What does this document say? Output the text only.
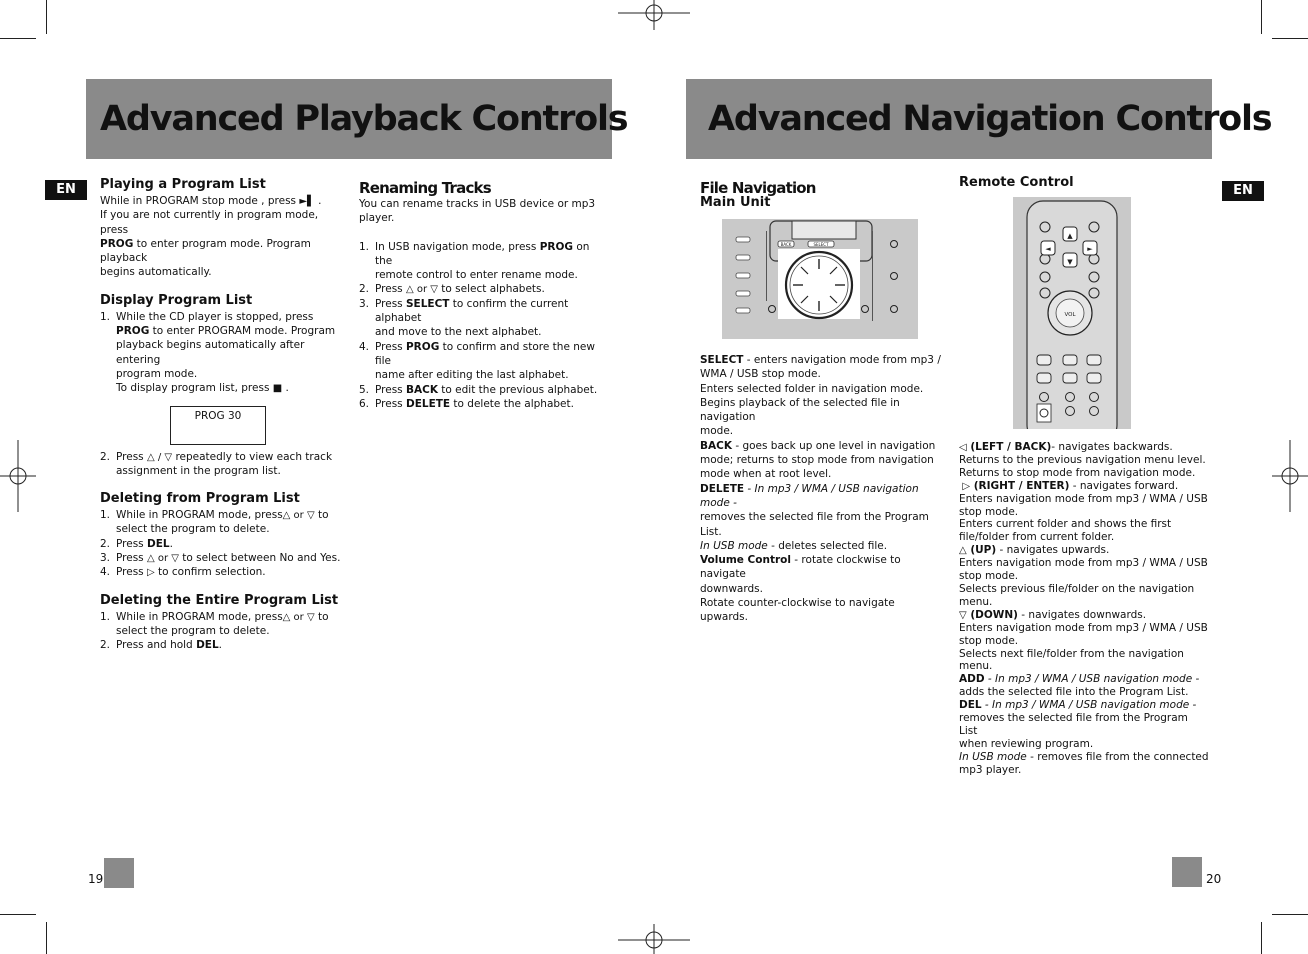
Advanced Playback Controls
EN	Playing a Program List

While in PROGRAM stop mode , press ►▌ .

If you are not currently in program mode, press

PROG to enter program mode. Program playback

begins automatically.

Display Program List

1. While the CD player is stopped, press

PROG to enter PROGRAM mode. Program

playback begins automatically after entering

program mode.

To display program list, press ■ .

PROG 30
2. Press △ / ▽ repeatedly to view each track

assignment in the program list.

Deleting from Program List

1. While in PROGRAM mode, press△ or ▽ to

select the program to delete.

2. Press DEL.
3. Press △ or ▽ to select between No and Yes.
4. Press ▷ to confirm selection.

Deleting the Entire Program List

1. While in PROGRAM mode, press△ or ▽ to

select the program to delete.

2. Press and hold DEL.

Renaming Tracks

You can rename tracks in USB device or mp3

player.

1. In USB navigation mode, press PROG on the

remote control to enter rename mode.

2. Press △ or ▽ to select alphabets.
3. Press SELECT to confirm the current alphabet

and move to the next alphabet.

4. Press PROG to confirm and store the new file

name after editing the last alphabet.

5. Press BACK to edit the previous alphabet.
6. Press DELETE to delete the alphabet.
19
Advanced Navigation Controls
EN

File Navigation

Main Unit

SELECT
BACK

SELECT - enters navigation mode from mp3 /

WMA / USB stop mode.

Enters selected folder in navigation mode.

Begins playback of the selected file in navigation

mode.

BACK - goes back up one level in navigation

mode; returns to stop mode from navigation

mode when at root level.

DELETE - In mp3 / WMA / USB navigation mode -

removes the selected file from the Program List.

In USB mode - deletes selected file.

Volume Control - rotate clockwise to navigate

downwards.

Rotate counter-clockwise to navigate upwards.

Remote Control

◄	►
▲
▼
VOL

◁ (LEFT / BACK)- navigates backwards.

Returns to the previous navigation menu level.

Returns to stop mode from navigation mode.

▷ (RIGHT / ENTER) - navigates forward.

Enters navigation mode from mp3 / WMA / USB

stop mode.

Enters current folder and shows the first

file/folder from current folder.

△ (UP) - navigates upwards.

Enters navigation mode from mp3 / WMA / USB

stop mode.

Selects previous file/folder on the navigation

menu.

▽ (DOWN) - navigates downwards.

Enters navigation mode from mp3 / WMA / USB

stop mode.

Selects next file/folder from the navigation menu.

ADD - In mp3 / WMA / USB navigation mode -

adds the selected file into the Program List.

DEL - In mp3 / WMA / USB navigation mode -

removes the selected file from the Program List

when reviewing program.

In USB mode - removes file from the connected

mp3 player.

20
